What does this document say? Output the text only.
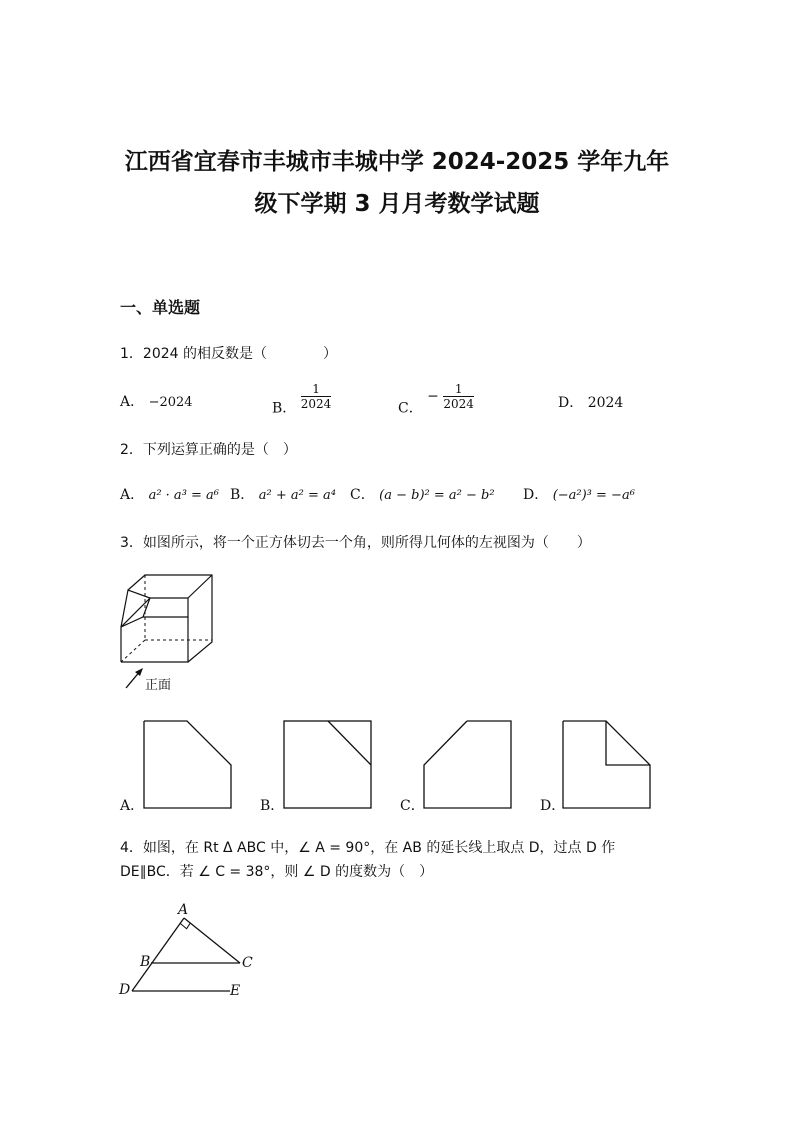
江西省宜春市丰城市丰城中学 2024-2025 学年九年
级下学期 3 月月考数学试题
一、单选题
1．2024 的相反数是（　　　　）
A． −2024	B． $\frac{1}{2024}$	C． − $\frac{1}{2024}$	D． 2024
2．下列运算正确的是（　）
A． a² · a³ = a⁶ B． a² + a² = a⁴ C． (a − b)² = a² − b² D． (−a²)³ = −a⁶
3．如图所示，将一个正方体切去一个角，则所得几何体的左视图为（　　）
正面
A．	B．	C．	D．
4．如图，在 Rt Δ ABC 中，∠ A = 90°，在 AB 的延长线上取点 D，过点 D 作
DE∥BC．若 ∠ C = 38°，则 ∠ D 的度数为（　）
A
B	C
D	E
